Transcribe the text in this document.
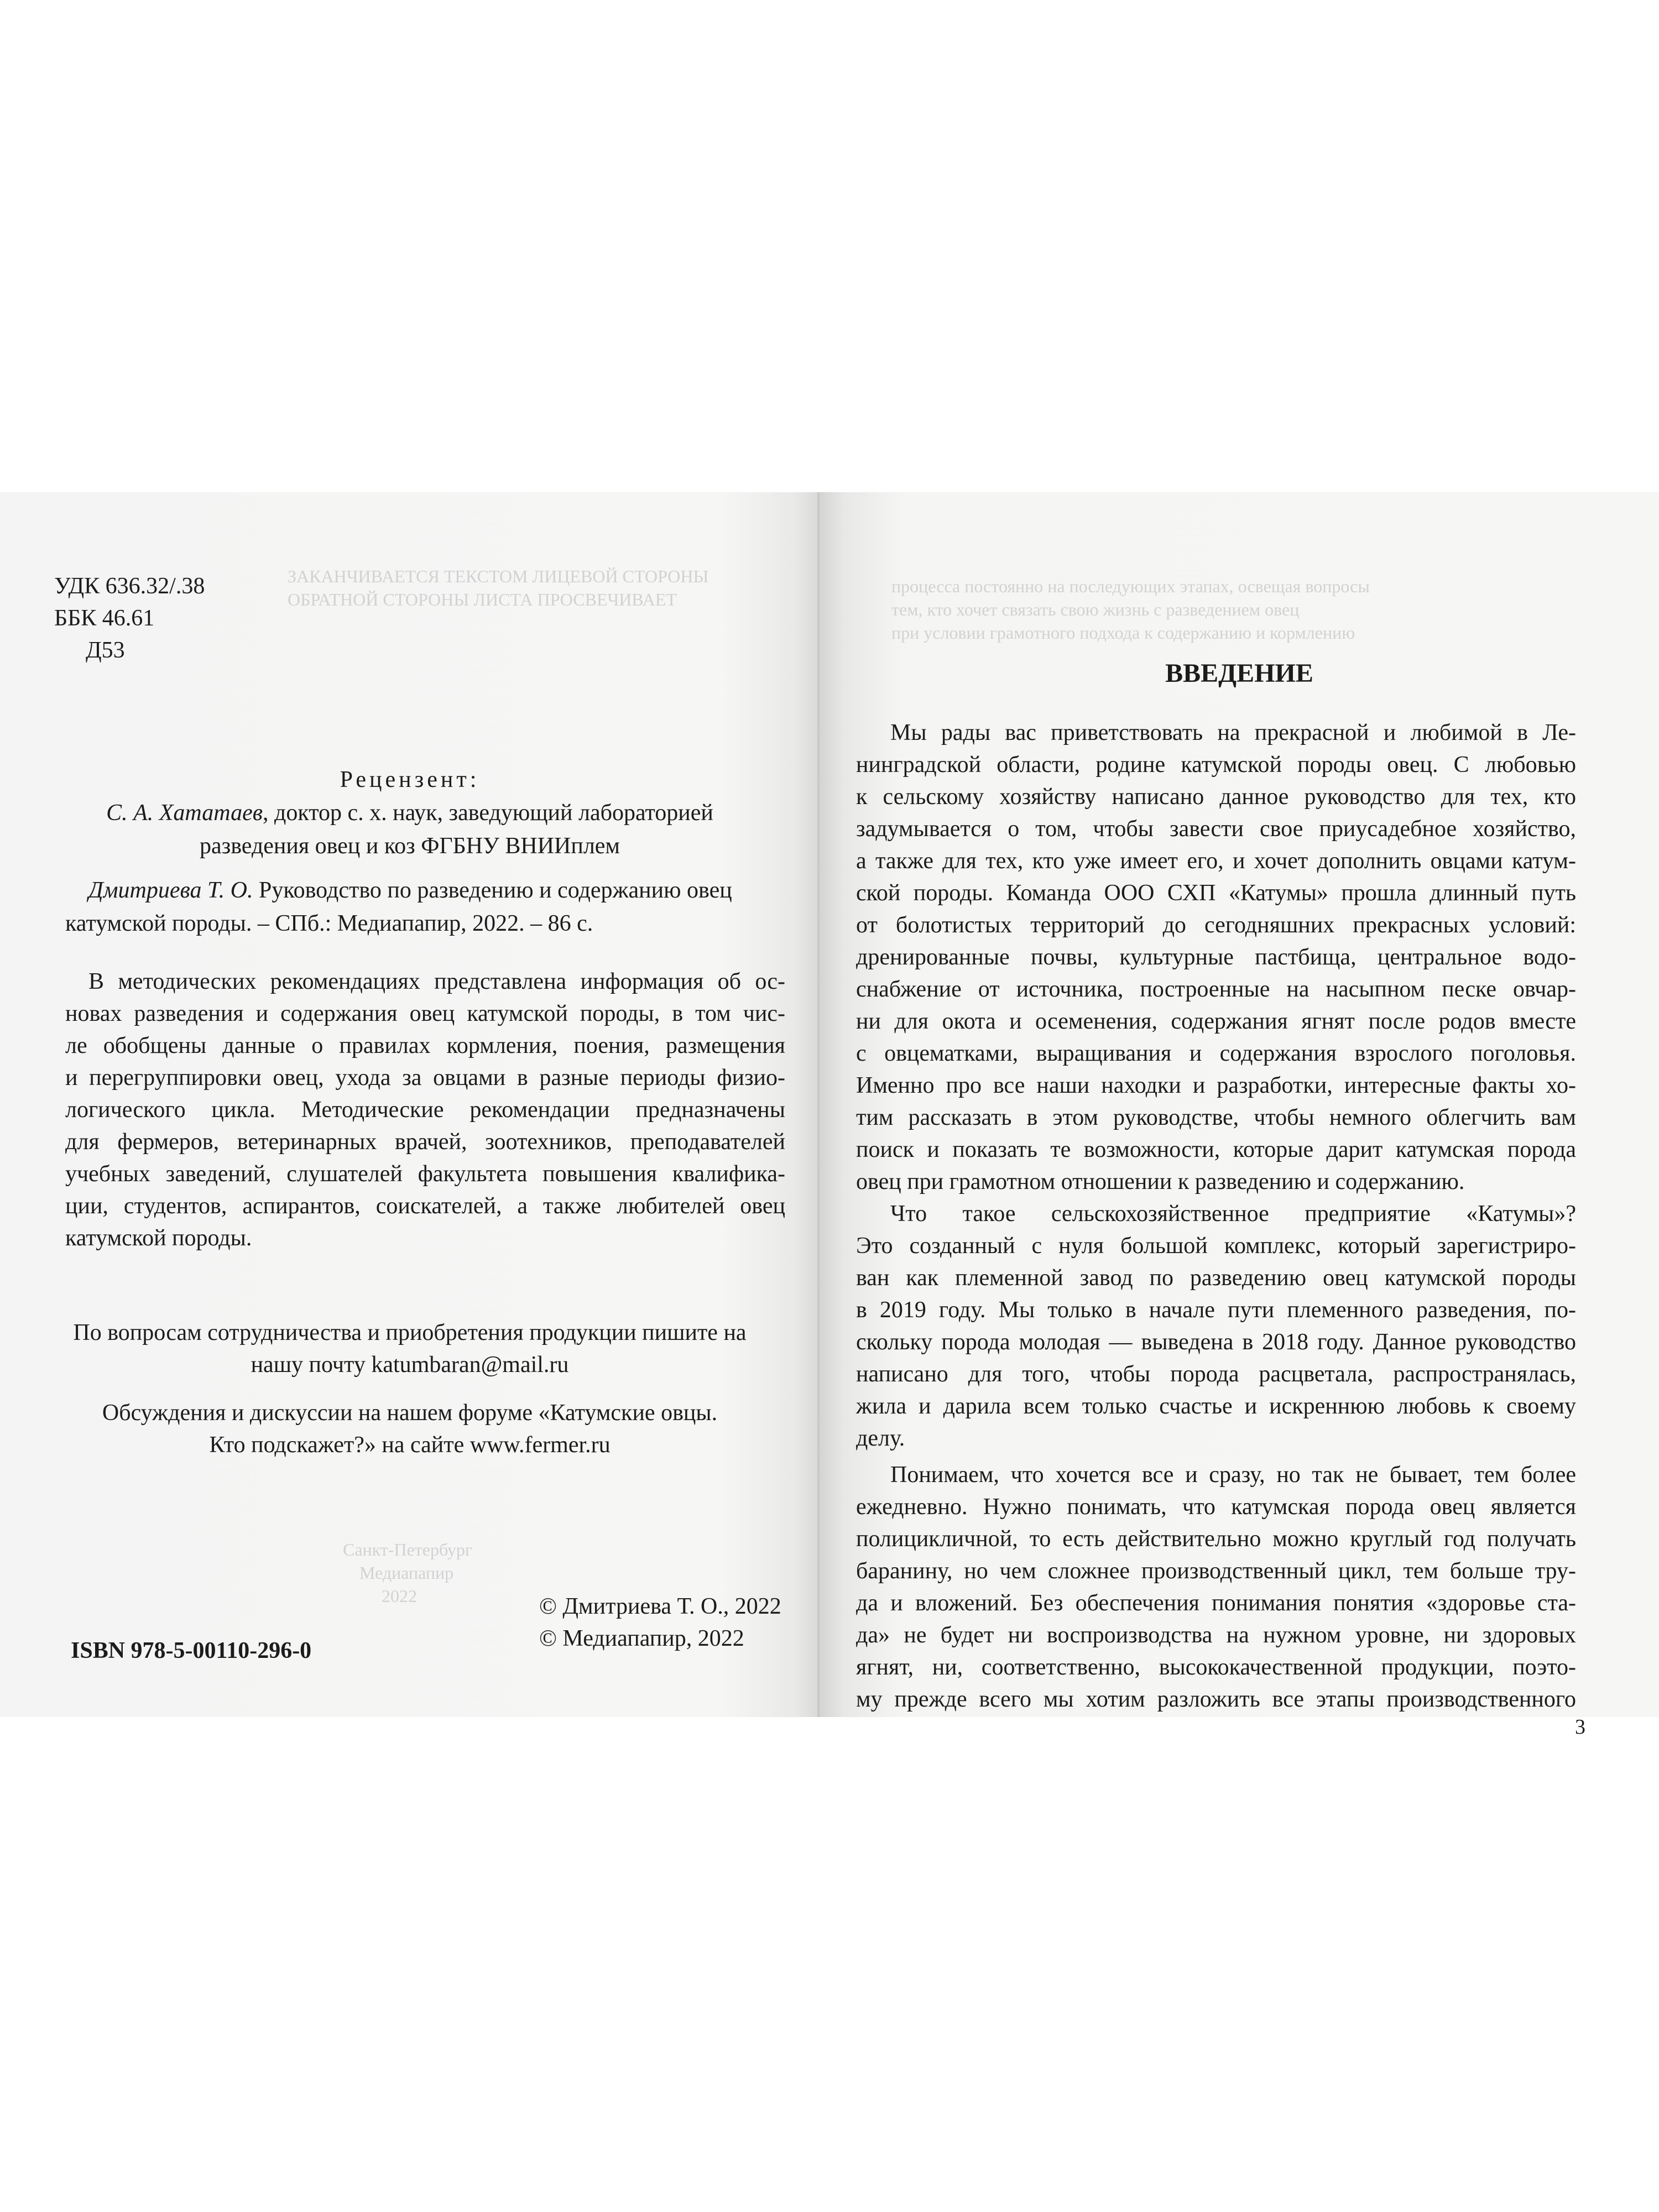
ЗАКАНЧИВАЕТСЯ ТЕКСТОМ ЛИЦЕВОЙ СТОРОНЫ
ОБРАТНОЙ СТОРОНЫ ЛИСТА ПРОСВЕЧИВАЕТ
УДК 636.32/.38
ББК 46.61
Д53
Рецензент:
С. А. Хататаев, доктор с. х. наук, заведующий лабораторией
разведения овец и коз ФГБНУ ВНИИплем
Дмитриева Т. О. Руководство по разведению и содержанию овец
катумской породы. – СПб.: Медиапапир, 2022. – 86 с.
В методических рекомендациях представлена информация об ос-
новах разведения и содержания овец катумской породы, в том чис-
ле обобщены данные о правилах кормления, поения, размещения
и перегруппировки овец, ухода за овцами в разные периоды физио-
логического цикла. Методические рекомендации предназначены
для фермеров, ветеринарных врачей, зоотехников, преподавателей
учебных заведений, слушателей факультета повышения квалифика-
ции, студентов, аспирантов, соискателей, а также любителей овец
катумской породы.
По вопросам сотрудничества и приобретения продукции пишите на
нашу почту katumbaran@mail.ru
Обсуждения и дискуссии на нашем форуме «Катумские овцы.
Кто подскажет?» на сайте www.fermer.ru
Санкт-Петербург
Медиапапир
2022	© Дмитриева Т. О., 2022
© Медиапапир, 2022
ISBN 978-5-00110-296-0
процесса постоянно на последующих этапах, освещая вопросы
тем, кто хочет связать свою жизнь с разведением овец
при условии грамотного подхода к содержанию и кормлению
ВВЕДЕНИЕ
Мы рады вас приветствовать на прекрасной и любимой в Ле-
нинградской области, родине катумской породы овец. С любовью
к сельскому хозяйству написано данное руководство для тех, кто
задумывается о том, чтобы завести свое приусадебное хозяйство,
а также для тех, кто уже имеет его, и хочет дополнить овцами катум-
ской породы. Команда ООО СХП «Катумы» прошла длинный путь
от болотистых территорий до сегодняшних прекрасных условий:
дренированные почвы, культурные пастбища, центральное водо-
снабжение от источника, построенные на насыпном песке овчар-
ни для окота и осеменения, содержания ягнят после родов вместе
с овцематками, выращивания и содержания взрослого поголовья.
Именно про все наши находки и разработки, интересные факты хо-
тим рассказать в этом руководстве, чтобы немного облегчить вам
поиск и показать те возможности, которые дарит катумская порода
овец при грамотном отношении к разведению и содержанию.
Что такое сельскохозяйственное предприятие «Катумы»?
Это созданный с нуля большой комплекс, который зарегистриро-
ван как племенной завод по разведению овец катумской породы
в 2019 году. Мы только в начале пути племенного разведения, по-
скольку порода молодая — выведена в 2018 году. Данное руководство
написано для того, чтобы порода расцветала, распространялась,
жила и дарила всем только счастье и искреннюю любовь к своему
делу.
Понимаем, что хочется все и сразу, но так не бывает, тем более
ежедневно. Нужно понимать, что катумская порода овец является
полицикличной, то есть действительно можно круглый год получать
баранину, но чем сложнее производственный цикл, тем больше тру-
да и вложений. Без обеспечения понимания понятия «здоровье ста-
да» не будет ни воспроизводства на нужном уровне, ни здоровых
ягнят, ни, соответственно, высококачественной продукции, поэто-
му прежде всего мы хотим разложить все этапы производственного
3
